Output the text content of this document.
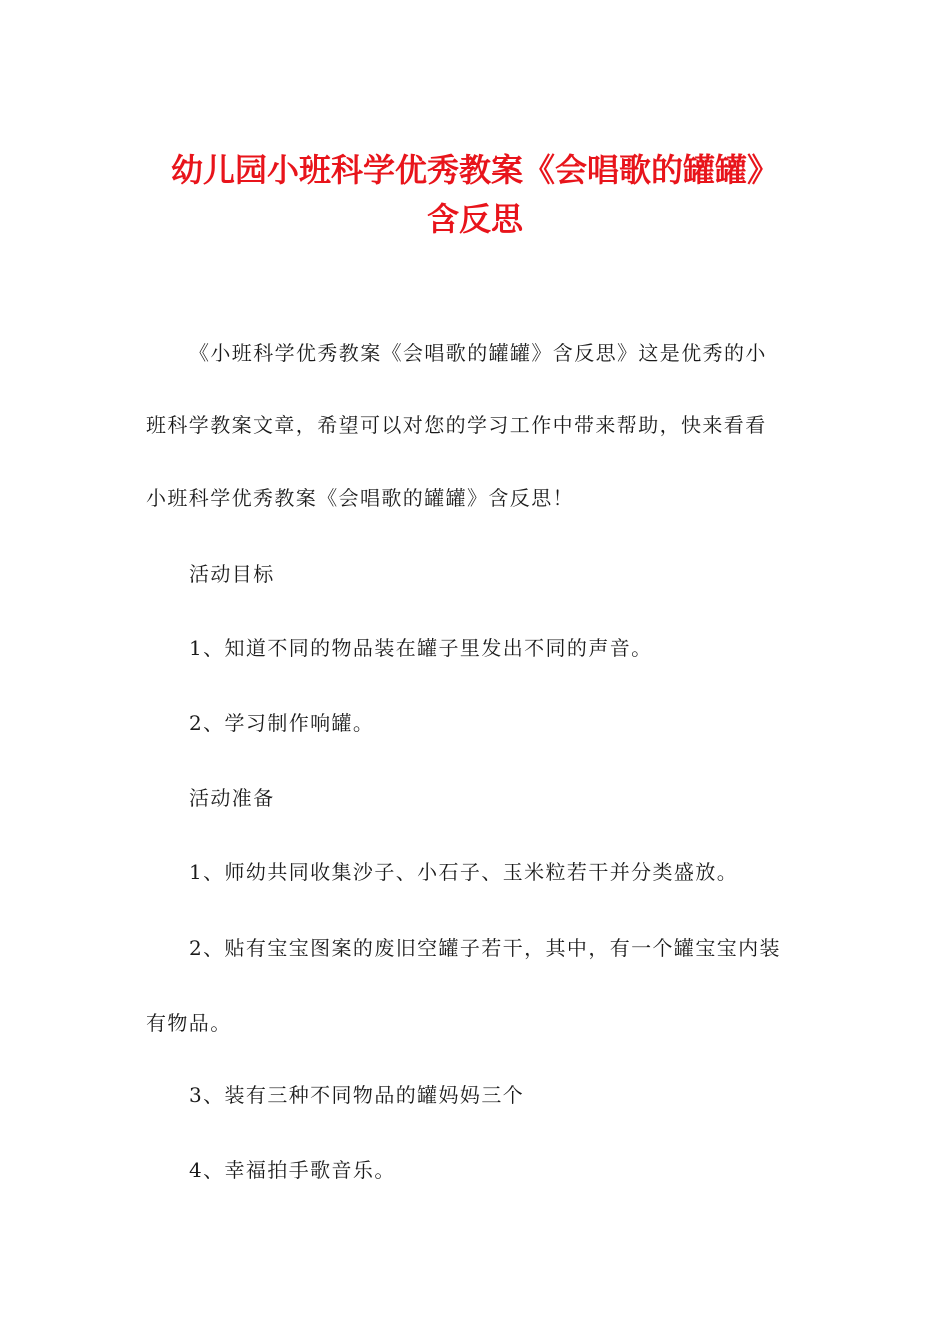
幼儿园小班科学优秀教案《会唱歌的罐罐》
含反思
《小班科学优秀教案《会唱歌的罐罐》含反思》这是优秀的小
班科学教案文章，希望可以对您的学习工作中带来帮助，快来看看
小班科学优秀教案《会唱歌的罐罐》含反思！
活动目标
1、知道不同的物品装在罐子里发出不同的声音。
2、学习制作响罐。
活动准备
1、师幼共同收集沙子、小石子、玉米粒若干并分类盛放。
2、贴有宝宝图案的废旧空罐子若干，其中，有一个罐宝宝内装
有物品。
3、装有三种不同物品的罐妈妈三个
4、幸福拍手歌音乐。
